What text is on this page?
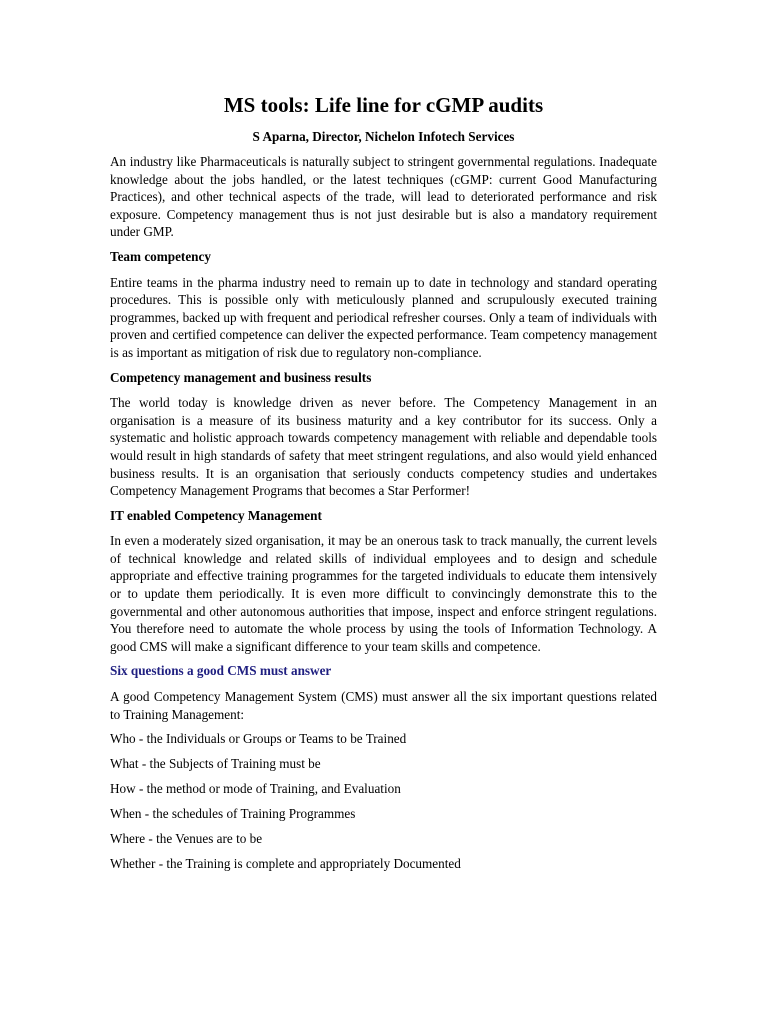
MS tools: Life line for cGMP audits
S Aparna, Director, Nichelon Infotech Services

An industry like Pharmaceuticals is naturally subject to stringent governmental regulations. Inadequate knowledge about the jobs handled, or the latest techniques (cGMP: current Good Manufacturing Practices), and other technical aspects of the trade, will lead to deteriorated performance and risk exposure. Competency management thus is not just desirable but is also a mandatory requirement under GMP.

Team competency

Entire teams in the pharma industry need to remain up to date in technology and standard operating procedures. This is possible only with meticulously planned and scrupulously executed training programmes, backed up with frequent and periodical refresher courses. Only a team of individuals with proven and certified competence can deliver the expected performance. Team competency management is as important as mitigation of risk due to regulatory non-compliance.

Competency management and business results

The world today is knowledge driven as never before. The Competency Management in an organisation is a measure of its business maturity and a key contributor for its success. Only a systematic and holistic approach towards competency management with reliable and dependable tools would result in high standards of safety that meet stringent regulations, and also would yield enhanced business results. It is an organisation that seriously conducts competency studies and undertakes Competency Management Programs that becomes a Star Performer!

IT enabled Competency Management

In even a moderately sized organisation, it may be an onerous task to track manually, the current levels of technical knowledge and related skills of individual employees and to design and schedule appropriate and effective training programmes for the targeted individuals to educate them intensively or to update them periodically. It is even more difficult to convincingly demonstrate this to the governmental and other autonomous authorities that impose, inspect and enforce stringent regulations. You therefore need to automate the whole process by using the tools of Information Technology. A good CMS will make a significant difference to your team skills and competence.

Six questions a good CMS must answer

A good Competency Management System (CMS) must answer all the six important questions related to Training Management:

Who - the Individuals or Groups or Teams to be Trained
What - the Subjects of Training must be
How - the method or mode of Training, and Evaluation
When - the schedules of Training Programmes
Where - the Venues are to be
Whether - the Training is complete and appropriately Documented
